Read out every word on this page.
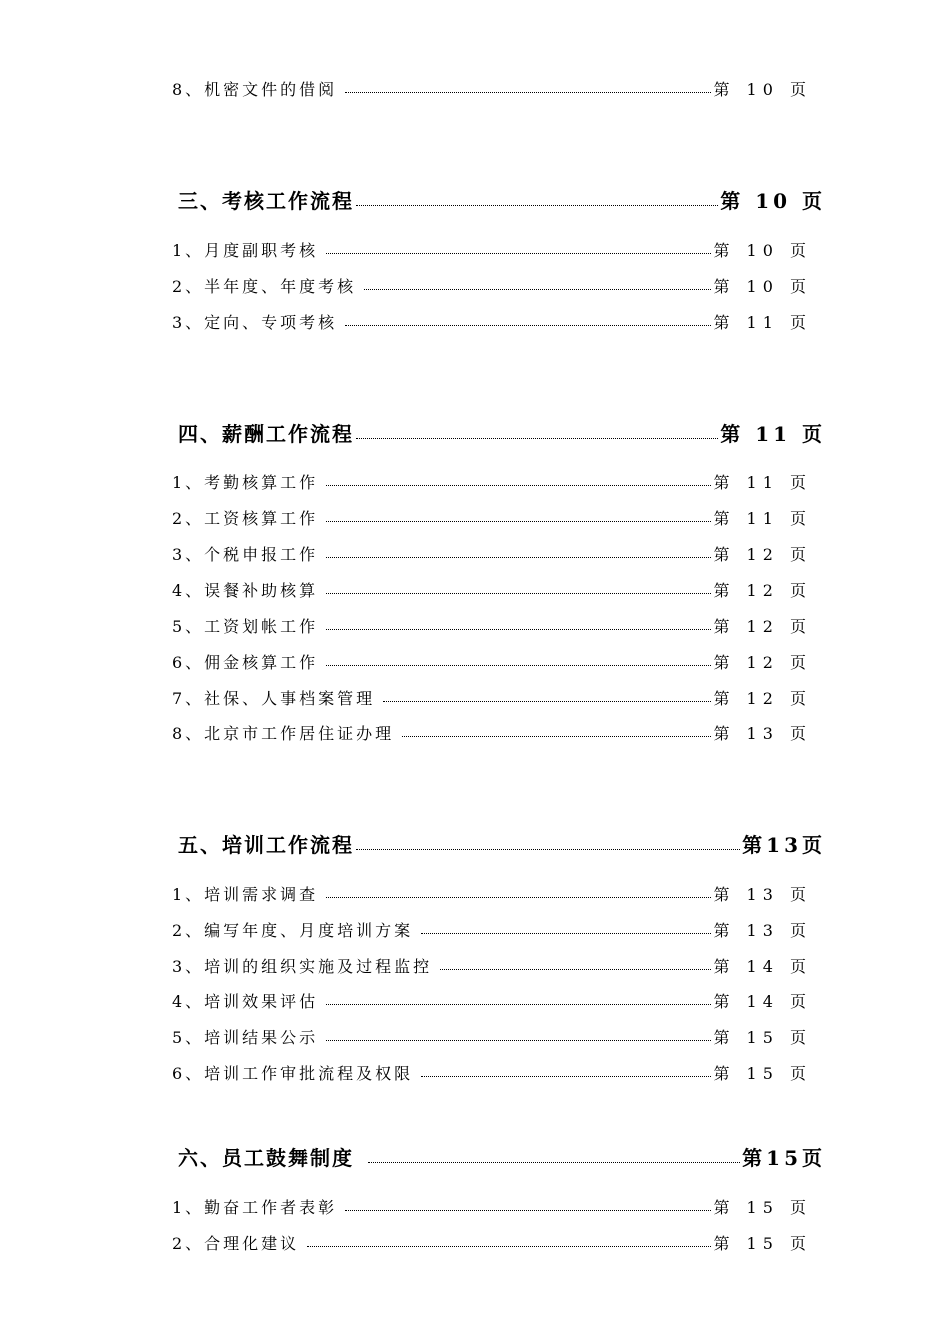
8、机密文件的借阅	第 10 页
三、考核工作流程	第 10 页
1、月度副职考核	第 10 页
2、半年度、年度考核	第 10 页
3、定向、专项考核	第 11 页
四、薪酬工作流程	第 11 页
1、考勤核算工作	第 11 页
2、工资核算工作	第 11 页
3、个税申报工作	第 12 页
4、误餐补助核算	第 12 页
5、工资划帐工作	第 12 页
6、佣金核算工作	第 12 页
7、社保、人事档案管理	第 12 页
8、北京市工作居住证办理	第 13 页
五、培训工作流程	第13页
1、培训需求调查	第 13 页
2、编写年度、月度培训方案	第 13 页
3、培训的组织实施及过程监控	第 14 页
4、培训效果评估	第 14 页
5、培训结果公示	第 15 页
6、培训工作审批流程及权限	第 15 页
六、员工鼓舞制度	第15页
1、勤奋工作者表彰	第 15 页
2、合理化建议	第 15 页
